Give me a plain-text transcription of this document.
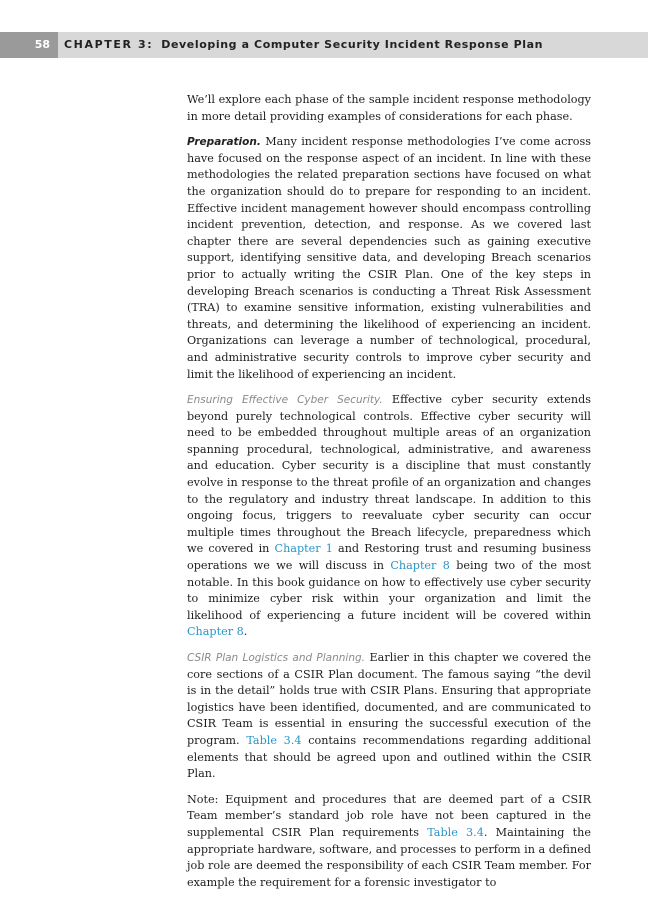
58	CHAPTER 3: Developing a Computer Security Incident Response Plan

We’ll explore each phase of the sample incident response methodology in more detail providing examples of considerations for each phase.

Preparation. Many incident response methodologies I’ve come across have focused on the response aspect of an incident. In line with these methodologies the related preparation sections have focused on what the organization should do to prepare for responding to an incident. Effective incident management however should encompass controlling incident prevention, detection, and response. As we covered last chapter there are several dependencies such as gaining executive support, identifying sensitive data, and developing Breach scenarios prior to actually writing the CSIR Plan. One of the key steps in developing Breach scenarios is conducting a Threat Risk Assessment (TRA) to examine sensitive information, existing vulnerabilities and threats, and determining the likelihood of experiencing an incident. Organizations can leverage a number of technological, procedural, and administrative security controls to improve cyber security and limit the likelihood of experiencing an incident.

Ensuring Effective Cyber Security. Effective cyber security extends beyond purely technological controls. Effective cyber security will need to be embedded throughout multiple areas of an organization spanning procedural, technological, administrative, and awareness and education. Cyber security is a discipline that must constantly evolve in response to the threat profile of an organization and changes to the regulatory and industry threat landscape. In addition to this ongoing focus, triggers to reevaluate cyber security can occur multiple times throughout the Breach lifecycle, preparedness which we covered in Chapter 1 and Restoring trust and resuming business operations we we will discuss in Chapter 8 being two of the most notable. In this book guidance on how to effectively use cyber security to minimize cyber risk within your organization and limit the likelihood of experiencing a future incident will be covered within Chapter 8.

CSIR Plan Logistics and Planning. Earlier in this chapter we covered the core sections of a CSIR Plan document. The famous saying “the devil is in the detail” holds true with CSIR Plans. Ensuring that appropriate logistics have been identified, documented, and are communicated to CSIR Team is essential in ensuring the successful execution of the program. Table 3.4 contains recommendations regarding additional elements that should be agreed upon and outlined within the CSIR Plan.

Note: Equipment and procedures that are deemed part of a CSIR Team member’s standard job role have not been captured in the supplemental CSIR Plan requirements Table 3.4. Maintaining the appropriate hardware, software, and processes to perform in a defined job role are deemed the responsibility of each CSIR Team member. For example the requirement for a forensic investigator to
